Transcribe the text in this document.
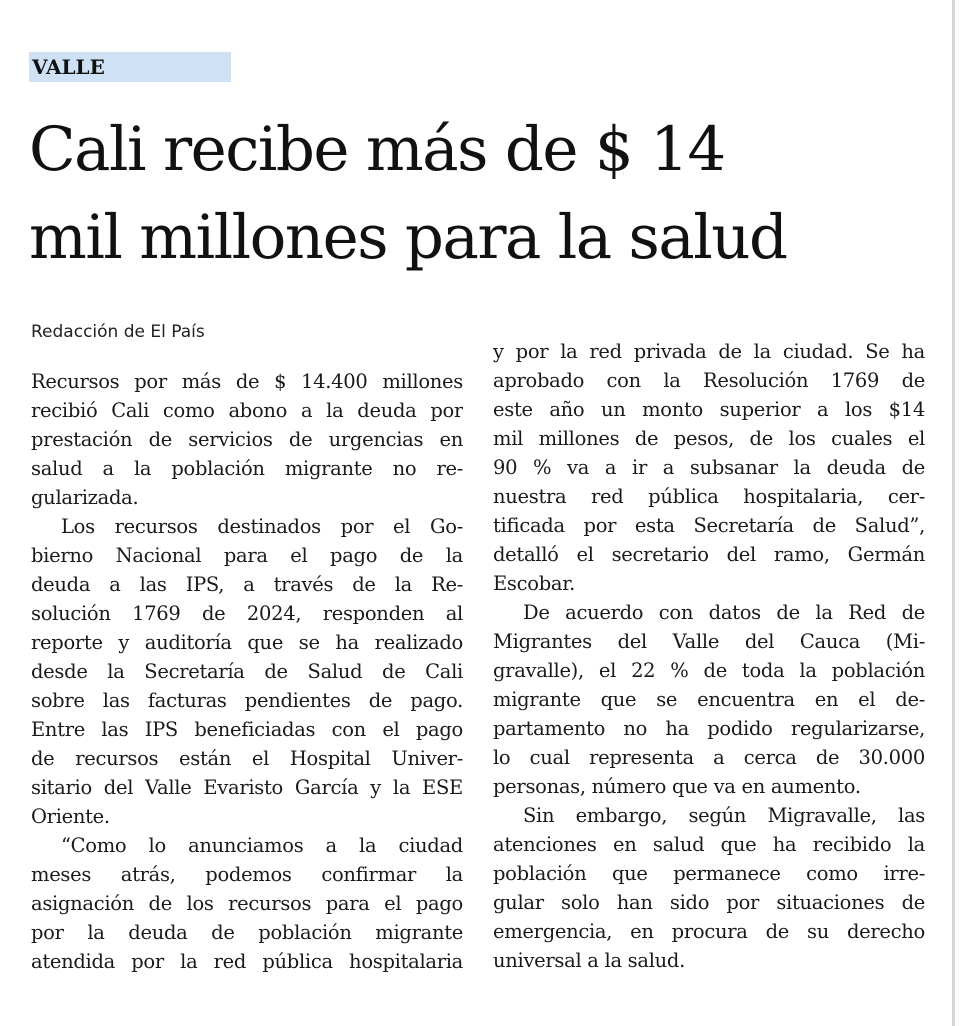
VALLE
Cali recibe más de $ 14
mil millones para la salud
Redacción de El País
Recursos por más de $ 14.400 millones
recibió Cali como abono a la deuda por
prestación de servicios de urgencias en
salud a la población migrante no re-
gularizada.
Los recursos destinados por el Go-
bierno Nacional para el pago de la
deuda a las IPS, a través de la Re-
solución 1769 de 2024, responden al
reporte y auditoría que se ha realizado
desde la Secretaría de Salud de Cali
sobre las facturas pendientes de pago.
Entre las IPS beneficiadas con el pago
de recursos están el Hospital Univer-
sitario del Valle Evaristo García y la ESE
Oriente.
“Como lo anunciamos a la ciudad
meses atrás, podemos confirmar la
asignación de los recursos para el pago
por la deuda de población migrante
atendida por la red pública hospitalaria
y por la red privada de la ciudad. Se ha
aprobado con la Resolución 1769 de
este año un monto superior a los $14
mil millones de pesos, de los cuales el
90 % va a ir a subsanar la deuda de
nuestra red pública hospitalaria, cer-
tificada por esta Secretaría de Salud”,
detalló el secretario del ramo, Germán
Escobar.
De acuerdo con datos de la Red de
Migrantes del Valle del Cauca (Mi-
gravalle), el 22 % de toda la población
migrante que se encuentra en el de-
partamento no ha podido regularizarse,
lo cual representa a cerca de 30.000
personas, número que va en aumento.
Sin embargo, según Migravalle, las
atenciones en salud que ha recibido la
población que permanece como irre-
gular solo han sido por situaciones de
emergencia, en procura de su derecho
universal a la salud.
